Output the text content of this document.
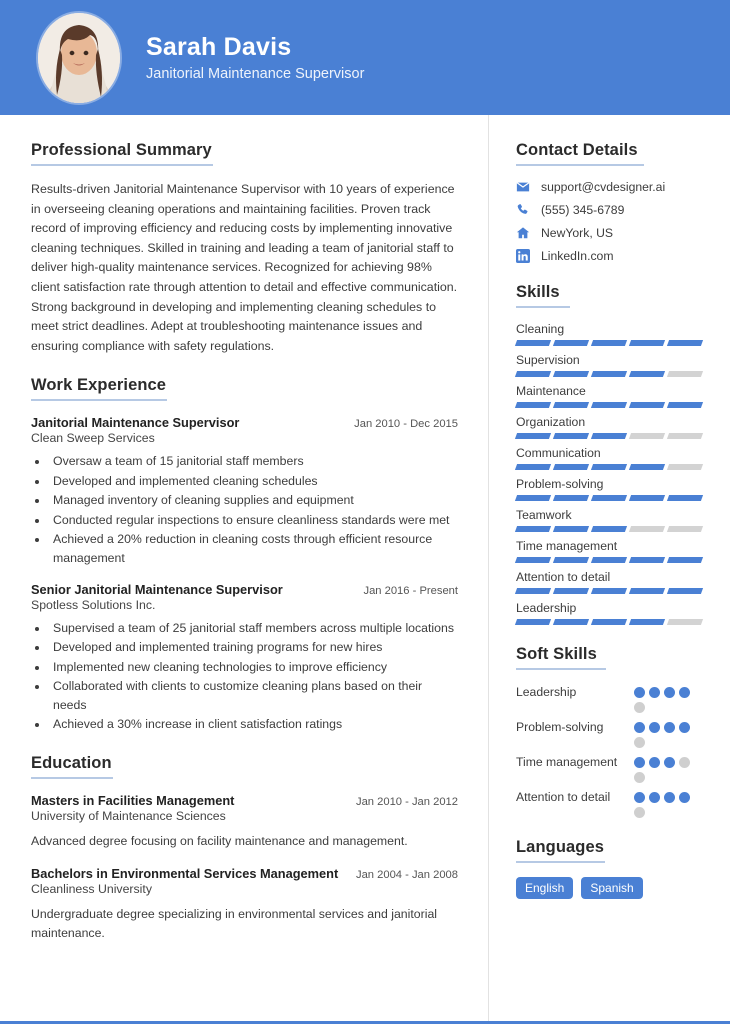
Sarah Davis
Janitorial Maintenance Supervisor
Professional Summary
Results-driven Janitorial Maintenance Supervisor with 10 years of experience in overseeing cleaning operations and maintaining facilities. Proven track record of improving efficiency and reducing costs by implementing innovative cleaning techniques. Skilled in training and leading a team of janitorial staff to deliver high-quality maintenance services. Recognized for achieving 98% client satisfaction rate through attention to detail and effective communication. Strong background in developing and implementing cleaning schedules to meet strict deadlines. Adept at troubleshooting maintenance issues and ensuring compliance with safety regulations.
Work Experience
Janitorial Maintenance Supervisor	Jan 2010 - Dec 2015
Clean Sweep Services
• Oversaw a team of 15 janitorial staff members
• Developed and implemented cleaning schedules
• Managed inventory of cleaning supplies and equipment
• Conducted regular inspections to ensure cleanliness standards were met
• Achieved a 20% reduction in cleaning costs through efficient resource management
Senior Janitorial Maintenance Supervisor	Jan 2016 - Present
Spotless Solutions Inc.
• Supervised a team of 25 janitorial staff members across multiple locations
• Developed and implemented training programs for new hires
• Implemented new cleaning technologies to improve efficiency
• Collaborated with clients to customize cleaning plans based on their needs
• Achieved a 30% increase in client satisfaction ratings
Education
Masters in Facilities Management	Jan 2010 - Jan 2012
University of Maintenance Sciences
Advanced degree focusing on facility maintenance and management.
Bachelors in Environmental Services Management	Jan 2004 - Jan 2008
Cleanliness University
Undergraduate degree specializing in environmental services and janitorial maintenance.
Contact Details
support@cvdesigner.ai
(555) 345-6789
NewYork, US
LinkedIn.com
Skills
Cleaning
Supervision
Maintenance
Organization
Communication
Problem-solving
Teamwork
Time management
Attention to detail
Leadership
Soft Skills
Leadership
Problem-solving
Time management
Attention to detail
Languages
English	Spanish
